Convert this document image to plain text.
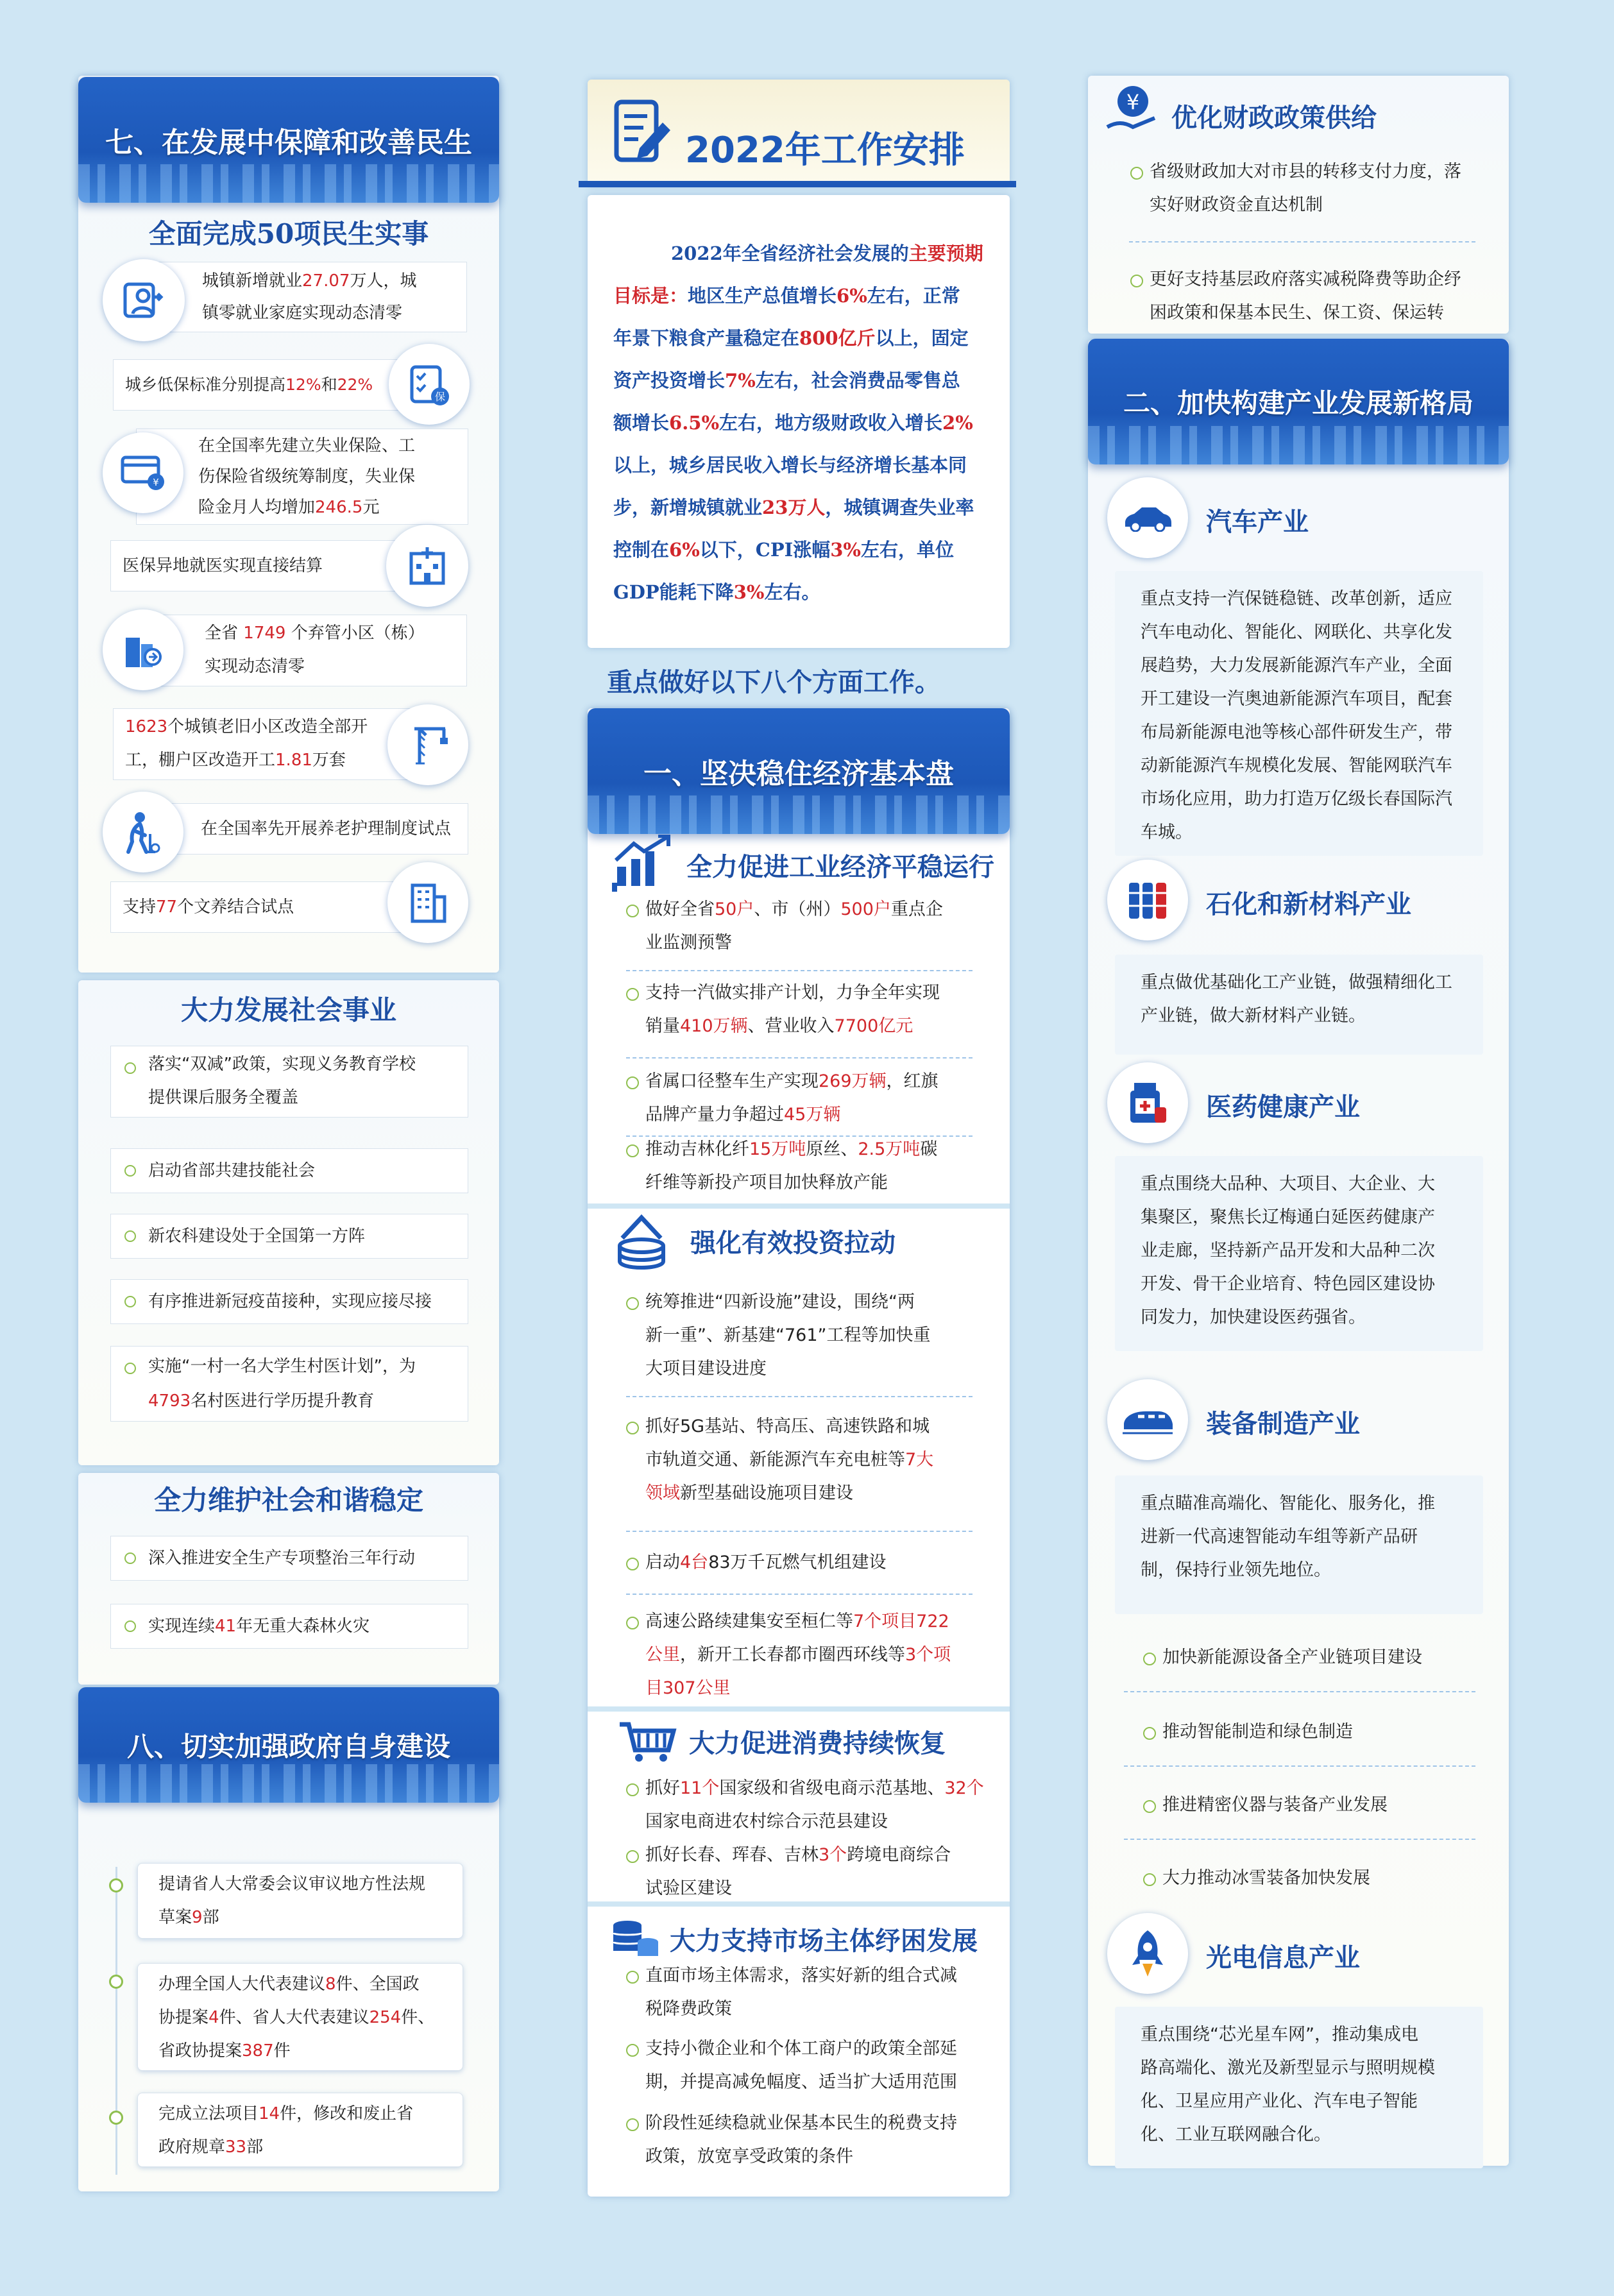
七、在发展中保障和改善民生
全面完成50项民生实事
城镇新增就业27.07万人，城
镇零就业家庭实现动态清零
城乡低保标准分别提高12%和22%
保
在全国率先建立失业保险、工
伤保险省级统筹制度，失业保
险金月人均增加246.5元
¥
医保异地就医实现直接结算
全省 1749 个弃管小区（栋）
实现动态清零
1623个城镇老旧小区改造全部开
工，棚户区改造开工1.81万套
在全国率先开展养老护理制度试点
支持77个文养结合试点
大力发展社会事业
落实“双减”政策，实现义务教育学校
提供课后服务全覆盖
启动省部共建技能社会
新农科建设处于全国第一方阵
有序推进新冠疫苗接种，实现应接尽接
实施“一村一名大学生村医计划”，为
4793名村医进行学历提升教育
全力维护社会和谐稳定
深入推进安全生产专项整治三年行动
实现连续41年无重大森林火灾
八、切实加强政府自身建设
提请省人大常委会议审议地方性法规
草案9部
办理全国人大代表建议8件、全国政
协提案4件、省人大代表建议254件、
省政协提案387件
完成立法项目14件，修改和废止省
政府规章33部
2022年工作安排
2022年全省经济社会发展的主要预期
目标是：地区生产总值增长6%左右，正常
年景下粮食产量稳定在800亿斤以上，固定
资产投资增长7%左右，社会消费品零售总
额增长6.5%左右，地方级财政收入增长2%
以上，城乡居民收入增长与经济增长基本同
步，新增城镇就业23万人，城镇调查失业率
控制在6%以下，CPI涨幅3%左右，单位
GDP能耗下降3%左右。
重点做好以下八个方面工作。
一、坚决稳住经济基本盘
全力促进工业经济平稳运行
做好全省50户、市（州）500户重点企
业监测预警
支持一汽做实排产计划，力争全年实现
销量410万辆、营业收入7700亿元
省属口径整车生产实现269万辆，红旗
品牌产量力争超过45万辆
推动吉林化纤15万吨原丝、2.5万吨碳
纤维等新投产项目加快释放产能
强化有效投资拉动
统筹推进“四新设施”建设，围绕“两
新一重”、新基建“761”工程等加快重
大项目建设进度
抓好5G基站、特高压、高速铁路和城
市轨道交通、新能源汽车充电桩等7大
领域新型基础设施项目建设
启动4台83万千瓦燃气机组建设
高速公路续建集安至桓仁等7个项目722
公里，新开工长春都市圈西环线等3个项
目307公里
大力促进消费持续恢复
抓好11个国家级和省级电商示范基地、32个
国家电商进农村综合示范县建设
抓好长春、珲春、吉林3个跨境电商综合
试验区建设
大力支持市场主体纾困发展
直面市场主体需求，落实好新的组合式减
税降费政策
支持小微企业和个体工商户的政策全部延
期，并提高减免幅度、适当扩大适用范围
阶段性延续稳就业保基本民生的税费支持
政策，放宽享受政策的条件
¥
优化财政政策供给
省级财政加大对市县的转移支付力度，落
实好财政资金直达机制
更好支持基层政府落实减税降费等助企纾
困政策和保基本民生、保工资、保运转
二、加快构建产业发展新格局
汽车产业
重点支持一汽保链稳链、改革创新，适应
汽车电动化、智能化、网联化、共享化发
展趋势，大力发展新能源汽车产业，全面
开工建设一汽奥迪新能源汽车项目，配套
布局新能源电池等核心部件研发生产，带
动新能源汽车规模化发展、智能网联汽车
市场化应用，助力打造万亿级长春国际汽
车城。
石化和新材料产业
重点做优基础化工产业链，做强精细化工
产业链，做大新材料产业链。
医药健康产业
重点围绕大品种、大项目、大企业、大
集聚区，聚焦长辽梅通白延医药健康产
业走廊，坚持新产品开发和大品种二次
开发、骨干企业培育、特色园区建设协
同发力，加快建设医药强省。
装备制造产业
重点瞄准高端化、智能化、服务化，推
进新一代高速智能动车组等新产品研
制，保持行业领先地位。
加快新能源设备全产业链项目建设
推动智能制造和绿色制造
推进精密仪器与装备产业发展
大力推动冰雪装备加快发展
光电信息产业
重点围绕“芯光星车网”，推动集成电
路高端化、激光及新型显示与照明规模
化、卫星应用产业化、汽车电子智能
化、工业互联网融合化。
